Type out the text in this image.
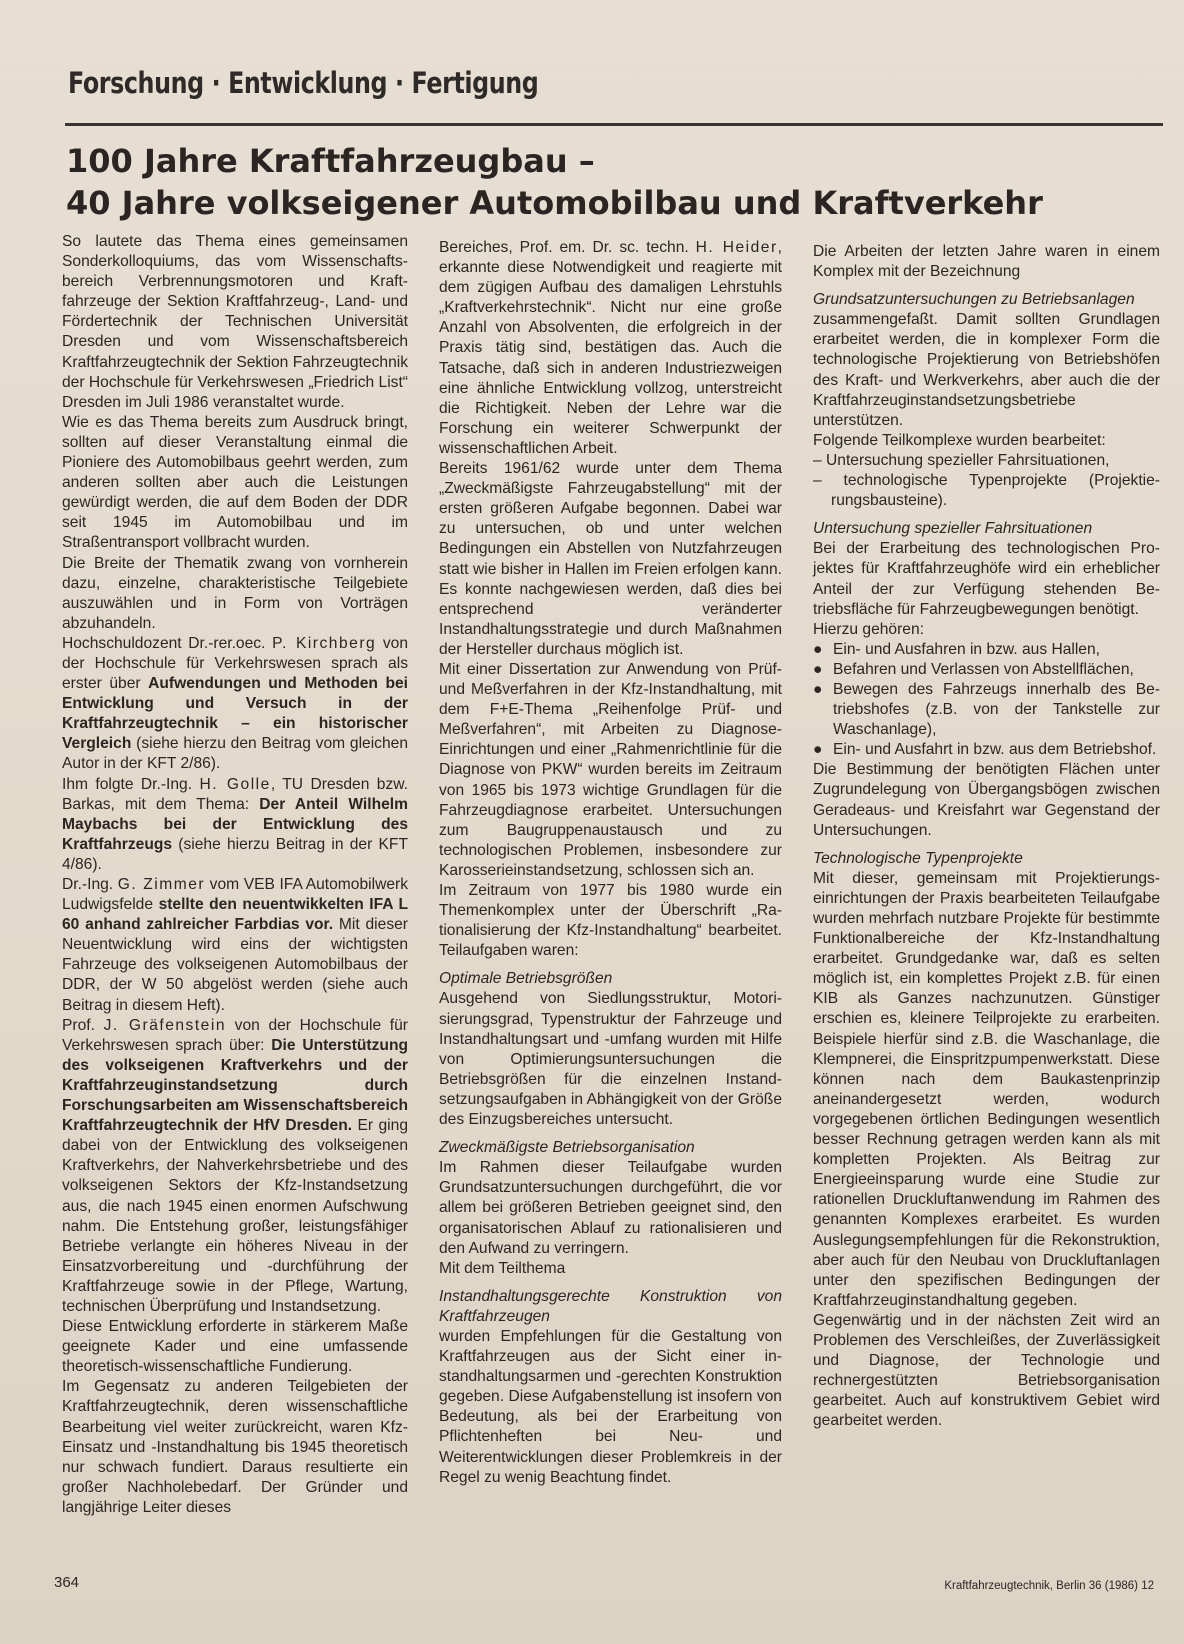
Forschung · Entwicklung · Fertigung
100 Jahre Kraftfahrzeugbau –
40 Jahre volkseigener Automobilbau und Kraftverkehr

So lautete das Thema eines gemeinsamen Sonderkolloquiums, das vom Wissenschaftsbereich Verbrennungsmotoren und Kraftfahrzeuge der Sektion Kraftfahrzeug-, Land- und Fördertechnik der Technischen Universität Dresden und vom Wissenschaftsbereich Kraftfahrzeugtechnik der Sektion Fahrzeugtechnik der Hochschule für Verkehrswesen „Friedrich List“ Dresden im Juli 1986 veranstaltet wurde.

Wie es das Thema bereits zum Ausdruck bringt, sollten auf dieser Veranstaltung einmal die Pioniere des Automobilbaus geehrt werden, zum anderen sollten aber auch die Leistungen gewürdigt werden, die auf dem Boden der DDR seit 1945 im Automobilbau und im Straßentransport vollbracht wurden.

Die Breite der Thematik zwang von vornherein dazu, einzelne, charakteristische Teilgebiete auszuwählen und in Form von Vorträgen abzuhandeln.

Hochschuldozent Dr.-rer.oec. P. Kirchberg von der Hochschule für Verkehrswesen sprach als erster über Aufwendungen und Methoden bei Entwicklung und Versuch in der Kraftfahrzeugtechnik – ein historischer Vergleich (siehe hierzu den Beitrag vom gleichen Autor in der KFT 2/86).

Ihm folgte Dr.-Ing. H. Golle, TU Dresden bzw. Barkas, mit dem Thema: Der Anteil Wilhelm Maybachs bei der Entwicklung des Kraftfahrzeugs (siehe hierzu Beitrag in der KFT 4/86).

Dr.-Ing. G. Zimmer vom VEB IFA Automobilwerk Ludwigsfelde stellte den neuentwikkelten IFA L 60 anhand zahlreicher Farbdias vor. Mit dieser Neuentwicklung wird eins der wichtigsten Fahrzeuge des volkseigenen Automobilbaus der DDR, der W 50 abgelöst werden (siehe auch Beitrag in diesem Heft).

Prof. J. Gräfenstein von der Hochschule für Verkehrswesen sprach über: Die Unterstützung des volkseigenen Kraftverkehrs und der Kraftfahrzeuginstandsetzung durch Forschungsarbeiten am Wissenschaftsbereich Kraftfahrzeugtechnik der HfV Dresden. Er ging dabei von der Entwicklung des volkseigenen Kraftverkehrs, der Nahverkehrsbetriebe und des volkseigenen Sektors der Kfz-Instandsetzung aus, die nach 1945 einen enormen Aufschwung nahm. Die Entstehung großer, leistungsfähiger Betriebe verlangte ein höheres Niveau in der Einsatzvorbereitung und -durchführung der Kraftfahrzeuge sowie in der Pflege, Wartung, technischen Überprüfung und Instandsetzung.

Diese Entwicklung erforderte in stärkerem Maße geeignete Kader und eine umfassende theoretisch-wissenschaftliche Fundierung.

Im Gegensatz zu anderen Teilgebieten der Kraftfahrzeugtechnik, deren wissenschaftliche Bearbeitung viel weiter zurückreicht, waren Kfz-Einsatz und -Instandhaltung bis 1945 theoretisch nur schwach fundiert. Daraus resultierte ein großer Nachholebedarf. Der Gründer und langjährige Leiter dieses

Bereiches, Prof. em. Dr. sc. techn. H. Heider, erkannte diese Notwendigkeit und reagierte mit dem zügigen Aufbau des damaligen Lehrstuhls „Kraftverkehrstechnik“. Nicht nur eine große Anzahl von Absolventen, die erfolgreich in der Praxis tätig sind, bestätigen das. Auch die Tatsache, daß sich in anderen Industriezweigen eine ähnliche Entwicklung vollzog, unterstreicht die Richtigkeit. Neben der Lehre war die Forschung ein weiterer Schwerpunkt der wissenschaftlichen Arbeit.

Bereits 1961/62 wurde unter dem Thema „Zweckmäßigste Fahrzeugabstellung“ mit der ersten größeren Aufgabe begonnen. Dabei war zu untersuchen, ob und unter welchen Bedingungen ein Abstellen von Nutzfahrzeugen statt wie bisher in Hallen im Freien erfolgen kann. Es konnte nachgewiesen werden, daß dies bei entsprechend veränderter Instandhaltungsstrategie und durch Maßnahmen der Hersteller durchaus möglich ist.

Mit einer Dissertation zur Anwendung von Prüf- und Meßverfahren in der Kfz-Instandhaltung, mit dem F+E-Thema „Reihenfolge Prüf- und Meßverfahren“, mit Arbeiten zu Diagnose-Einrichtungen und einer „Rahmenrichtlinie für die Diagnose von PKW“ wurden bereits im Zeitraum von 1965 bis 1973 wichtige Grundlagen für die Fahrzeugdiagnose erarbeitet. Untersuchungen zum Baugruppenaustausch und zu technologischen Problemen, insbesondere zur Karosserieinstandsetzung, schlossen sich an.

Im Zeitraum von 1977 bis 1980 wurde ein Themenkomplex unter der Überschrift „Rationalisierung der Kfz-Instandhaltung“ bearbeitet. Teilaufgaben waren:

Optimale Betriebsgrößen

Ausgehend von Siedlungsstruktur, Motorisierungsgrad, Typenstruktur der Fahrzeuge und Instandhaltungsart und -umfang wurden mit Hilfe von Optimierungsuntersuchungen die Betriebsgrößen für die einzelnen Instandsetzungsaufgaben in Abhängigkeit von der Größe des Einzugsbereiches untersucht.

Zweckmäßigste Betriebsorganisation

Im Rahmen dieser Teilaufgabe wurden Grundsatzuntersuchungen durchgeführt, die vor allem bei größeren Betrieben geeignet sind, den organisatorischen Ablauf zu rationalisieren und den Aufwand zu verringern.

Mit dem Teilthema

Instandhaltungsgerechte Konstruktion von Kraftfahrzeugen

wurden Empfehlungen für die Gestaltung von Kraftfahrzeugen aus der Sicht einer instandhaltungsarmen und -gerechten Konstruktion gegeben. Diese Aufgabenstellung ist insofern von Bedeutung, als bei der Erarbeitung von Pflichtenheften bei Neu- und Weiterentwicklungen dieser Problemkreis in der Regel zu wenig Beachtung findet.

Die Arbeiten der letzten Jahre waren in einem Komplex mit der Bezeichnung

Grundsatzuntersuchungen zu Betriebsanlagen

zusammengefaßt. Damit sollten Grundlagen erarbeitet werden, die in komplexer Form die technologische Projektierung von Betriebshöfen des Kraft- und Werkverkehrs, aber auch die der Kraftfahrzeuginstandsetzungsbetriebe unterstützen.

Folgende Teilkomplexe wurden bearbeitet:

– Untersuchung spezieller Fahrsituationen,

– technologische Typenprojekte (Projektierungsbausteine).

Untersuchung spezieller Fahrsituationen

Bei der Erarbeitung des technologischen Projektes für Kraftfahrzeughöfe wird ein erheblicher Anteil der zur Verfügung stehenden Betriebsfläche für Fahrzeugbewegungen benötigt.

Hierzu gehören:

● Ein- und Ausfahren in bzw. aus Hallen,

● Befahren und Verlassen von Abstellflächen,

● Bewegen des Fahrzeugs innerhalb des Betriebshofes (z.B. von der Tankstelle zur Waschanlage),

● Ein- und Ausfahrt in bzw. aus dem Betriebshof.

Die Bestimmung der benötigten Flächen unter Zugrundelegung von Übergangsbögen zwischen Geradeaus- und Kreisfahrt war Gegenstand der Untersuchungen.

Technologische Typenprojekte

Mit dieser, gemeinsam mit Projektierungseinrichtungen der Praxis bearbeiteten Teilaufgabe wurden mehrfach nutzbare Projekte für bestimmte Funktionalbereiche der Kfz-Instandhaltung erarbeitet. Grundgedanke war, daß es selten möglich ist, ein komplettes Projekt z.B. für einen KIB als Ganzes nachzunutzen. Günstiger erschien es, kleinere Teilprojekte zu erarbeiten. Beispiele hierfür sind z.B. die Waschanlage, die Klempnerei, die Einspritzpumpenwerkstatt. Diese können nach dem Baukastenprinzip aneinandergesetzt werden, wodurch vorgegebenen örtlichen Bedingungen wesentlich besser Rechnung getragen werden kann als mit kompletten Projekten. Als Beitrag zur Energieeinsparung wurde eine Studie zur rationellen Druckluftanwendung im Rahmen des genannten Komplexes erarbeitet. Es wurden Auslegungsempfehlungen für die Rekonstruktion, aber auch für den Neubau von Druckluftanlagen unter den spezifischen Bedingungen der Kraftfahrzeuginstandhaltung gegeben.

Gegenwärtig und in der nächsten Zeit wird an Problemen des Verschleißes, der Zuverlässigkeit und Diagnose, der Technologie und rechnergestützten Betriebsorganisation gearbeitet. Auch auf konstruktivem Gebiet wird gearbeitet werden.

364	Kraftfahrzeugtechnik, Berlin 36 (1986) 12
